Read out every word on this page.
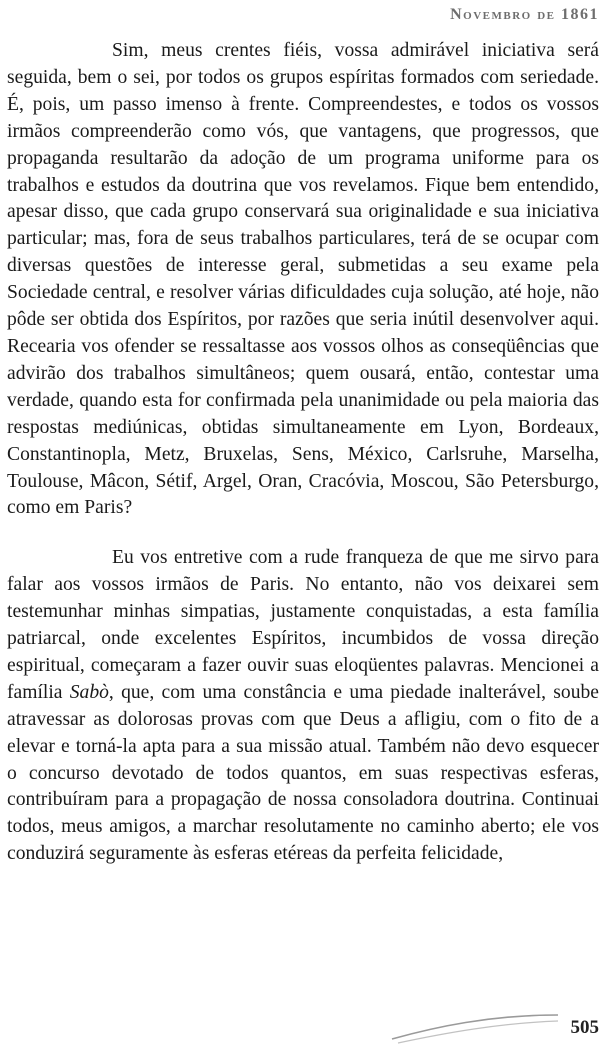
Novembro de 1861

Sim, meus crentes fiéis, vossa admirável iniciativa será seguida, bem o sei, por todos os grupos espíritas formados com seriedade. É, pois, um passo imenso à frente. Compreendestes, e todos os vossos irmãos compreenderão como vós, que vantagens, que progressos, que propaganda resultarão da adoção de um programa uniforme para os trabalhos e estudos da doutrina que vos revelamos. Fique bem entendido, apesar disso, que cada grupo conservará sua originalidade e sua iniciativa particular; mas, fora de seus trabalhos particulares, terá de se ocupar com diversas questões de interesse geral, submetidas a seu exame pela Sociedade central, e resolver várias dificuldades cuja solução, até hoje, não pôde ser obtida dos Espíritos, por razões que seria inútil desenvolver aqui. Recearia vos ofender se ressaltasse aos vossos olhos as conseqüências que advirão dos trabalhos simultâneos; quem ousará, então, contestar uma verdade, quando esta for confirmada pela unanimidade ou pela maioria das respostas mediúnicas, obtidas simultaneamente em Lyon, Bordeaux, Constantinopla, Metz, Bruxelas, Sens, México, Carlsruhe, Marselha, Toulouse, Mâcon, Sétif, Argel, Oran, Cracóvia, Moscou, São Petersburgo, como em Paris?

Eu vos entretive com a rude franqueza de que me sirvo para falar aos vossos irmãos de Paris. No entanto, não vos deixarei sem testemunhar minhas simpatias, justamente conquistadas, a esta família patriarcal, onde excelentes Espíritos, incumbidos de vossa direção espiritual, começaram a fazer ouvir suas eloqüentes palavras. Mencionei a família Sabò, que, com uma constância e uma piedade inalterável, soube atravessar as dolorosas provas com que Deus a afligiu, com o fito de a elevar e torná-la apta para a sua missão atual. Também não devo esquecer o concurso devotado de todos quantos, em suas respectivas esferas, contribuíram para a propagação de nossa consoladora doutrina. Continuai todos, meus amigos, a marchar resolutamente no caminho aberto; ele vos conduzirá seguramente às esferas etéreas da perfeita felicidade,

505
